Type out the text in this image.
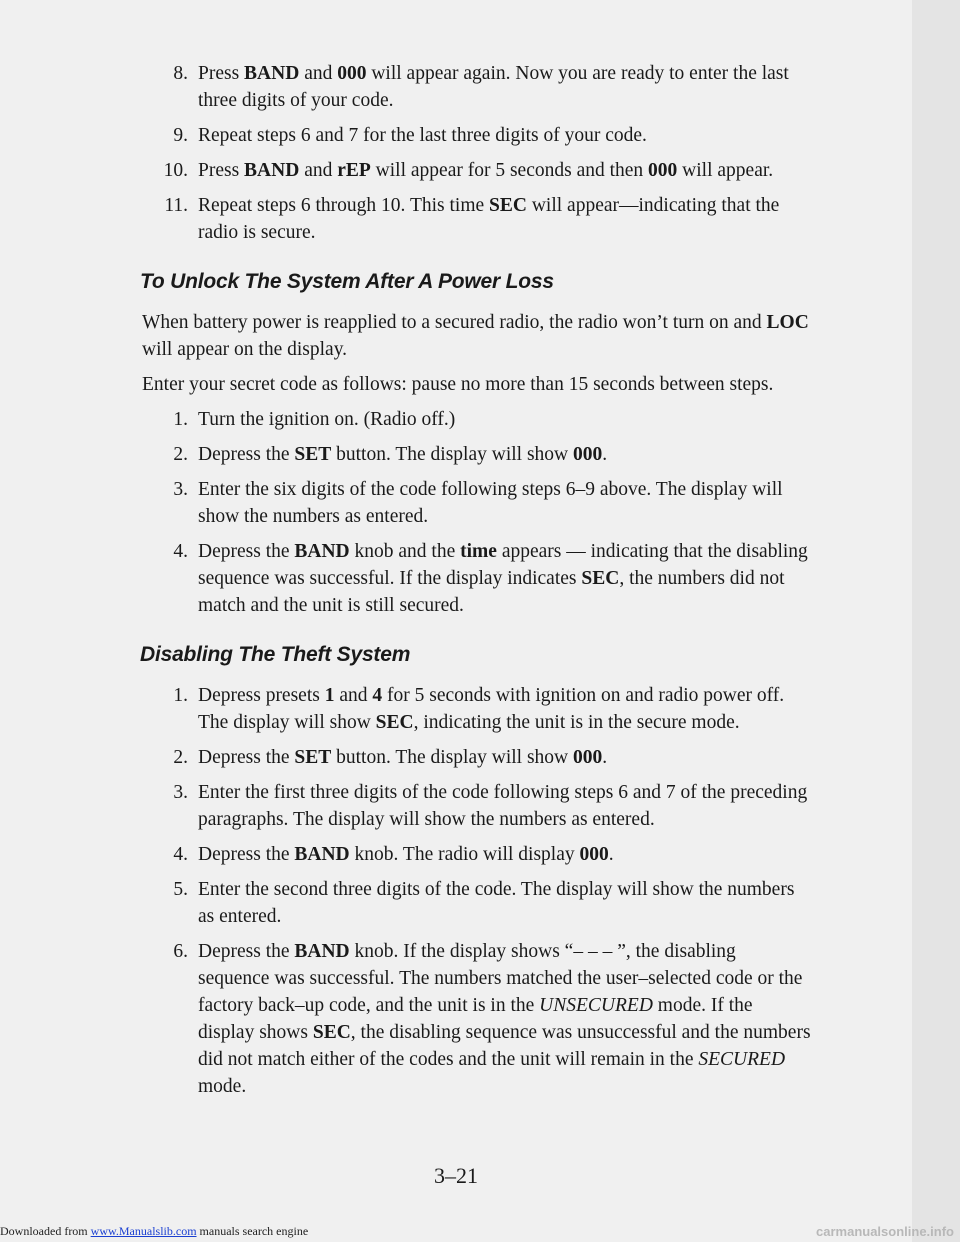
8. Press BAND and 000 will appear again. Now you are ready to enter the last three digits of your code.
9. Repeat steps 6 and 7 for the last three digits of your code.
10. Press BAND and rEP will appear for 5 seconds and then 000 will appear.
11. Repeat steps 6 through 10. This time SEC will appear—indicating that the radio is secure.
To Unlock The System After A Power Loss
When battery power is reapplied to a secured radio, the radio won’t turn on and LOC will appear on the display.
Enter your secret code as follows: pause no more than 15 seconds between steps.
1. Turn the ignition on. (Radio off.)
2. Depress the SET button. The display will show 000.
3. Enter the six digits of the code following steps 6–9 above. The display will show the numbers as entered.
4. Depress the BAND knob and the time appears — indicating that the disabling sequence was successful. If the display indicates SEC, the numbers did not match and the unit is still secured.
Disabling The Theft System
1. Depress presets 1 and 4 for 5 seconds with ignition on and radio power off. The display will show SEC, indicating the unit is in the secure mode.
2. Depress the SET button. The display will show 000.
3. Enter the first three digits of the code following steps 6 and 7 of the preceding paragraphs. The display will show the numbers as entered.
4. Depress the BAND knob. The radio will display 000.
5. Enter the second three digits of the code. The display will show the numbers as entered.
6. Depress the BAND knob. If the display shows “– – – ”, the disabling sequence was successful. The numbers matched the user–selected code or the factory back–up code, and the unit is in the UNSECURED mode. If the display shows SEC, the disabling sequence was unsuccessful and the numbers did not match either of the codes and the unit will remain in the SECURED mode.
3–21
Downloaded from www.Manualslib.com manuals search engine	carmanualsonline.info
